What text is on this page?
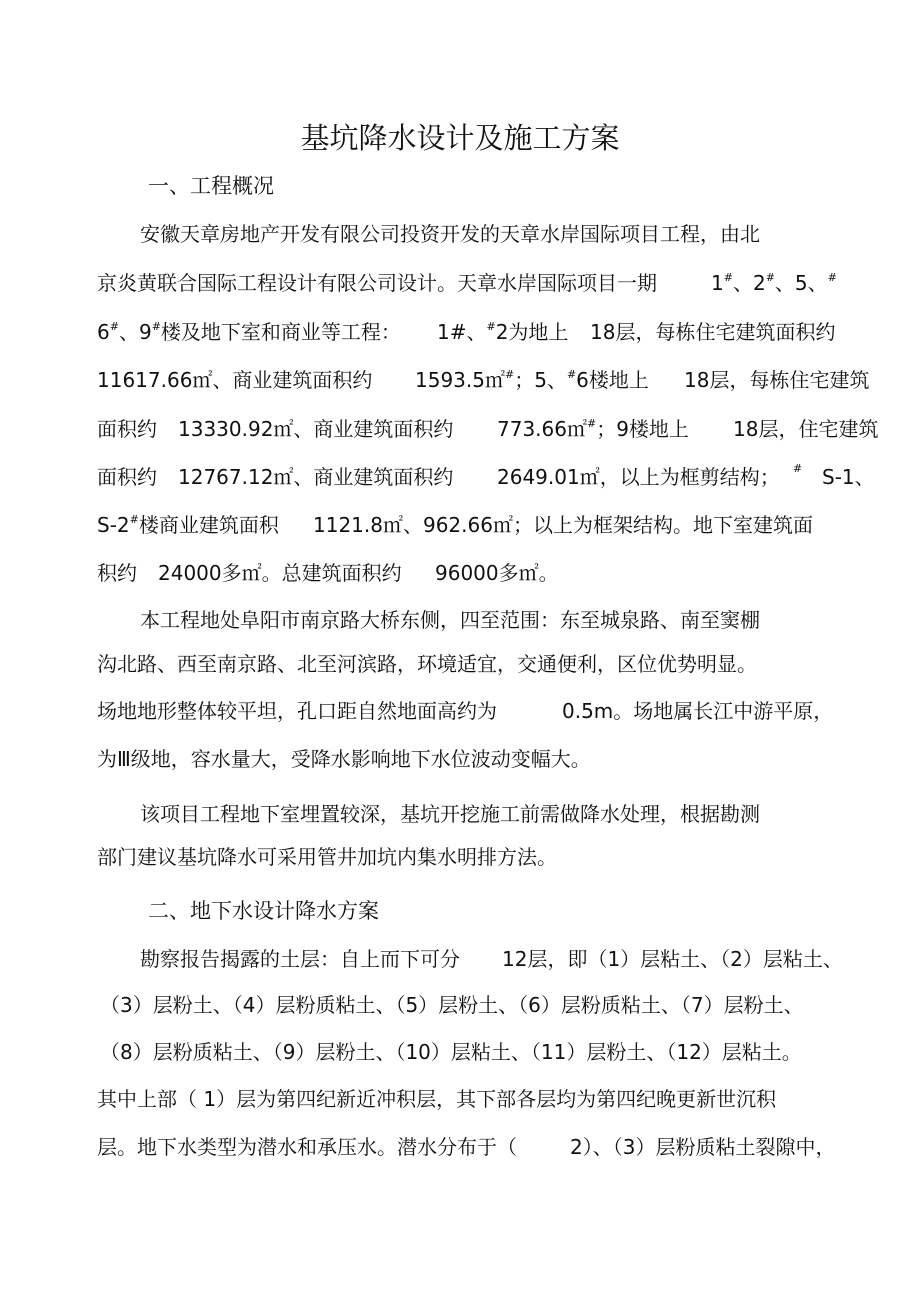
基坑降水设计及施工方案
一、工程概况
安徽天章房地产开发有限公司投资开发的天章水岸国际项目工程，由北
京炎黄联合国际工程设计有限公司设计。天章水岸国际项目一期	1#、2#、5、#
6#、9#楼及地下室和商业等工程： 1#、#2为地上 18层，每栋住宅建筑面积约
11617.66㎡、商业建筑面积约 1593.5㎡#；5、#6楼地上 18层，每栋住宅建筑
面积约 13330.92㎡、商业建筑面积约 773.66㎡#；9楼地上 18层，住宅建筑
面积约 12767.12㎡、商业建筑面积约 2649.01㎡，以上为框剪结构； # S-1、
S-2#楼商业建筑面积 1121.8㎡、962.66㎡；以上为框架结构。地下室建筑面
积约 24000多㎡。总建筑面积约 96000多㎡。
本工程地处阜阳市南京路大桥东侧，四至范围：东至城泉路、南至窦棚
沟北路、西至南京路、北至河滨路，环境适宜，交通便利，区位优势明显。
场地地形整体较平坦，孔口距自然地面高约为	0.5m。场地属长江中游平原，
为Ⅲ级地，容水量大，受降水影响地下水位波动变幅大。
该项目工程地下室埋置较深，基坑开挖施工前需做降水处理，根据勘测
部门建议基坑降水可采用管井加坑内集水明排方法。
二、地下水设计降水方案
勘察报告揭露的土层：自上而下可分 12层，即（1）层粘土、（2）层粘土、
（3）层粉土、（4）层粉质粘土、（5）层粉土、（6）层粉质粘土、（7）层粉土、
（8）层粉质粘土、（9）层粉土、（10）层粘土、（11）层粉土、（12）层粘土。
其中上部（ 1）层为第四纪新近冲积层，其下部各层均为第四纪晚更新世沉积
层。地下水类型为潜水和承压水。潜水分布于（	2）、（3）层粉质粘土裂隙中，
